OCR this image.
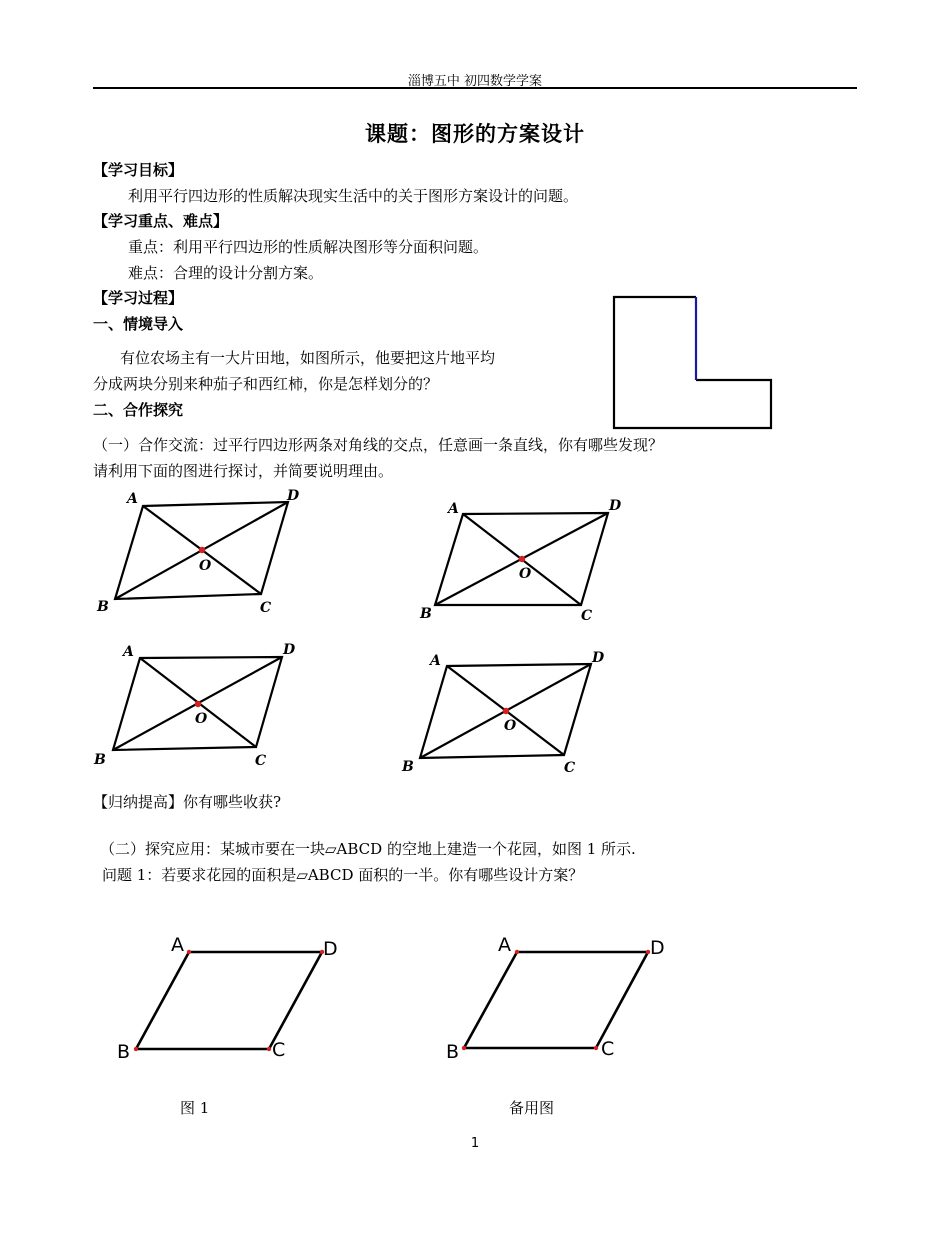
淄博五中 初四数学学案
课题：图形的方案设计
【学习目标】
利用平行四边形的性质解决现实生活中的关于图形方案设计的问题。
【学习重点、难点】
重点：利用平行四边形的性质解决图形等分面积问题。
难点：合理的设计分割方案。
【学习过程】
一、情境导入
有位农场主有一大片田地，如图所示，他要把这片地平均
分成两块分别来种茄子和西红柿，你是怎样划分的？
二、合作探究
（一）合作交流：过平行四边形两条对角线的交点，任意画一条直线，你有哪些发现？
请利用下面的图进行探讨，并简要说明理由。
A	D
B	C
O
A	D
B	C
O
A	D
B	C
O
A	D
B	C
O
【归纳提高】你有哪些收获?
（二）探究应用：某城市要在一块▱ABCD 的空地上建造一个花园，如图 1 所示.
问题 1：若要求花园的面积是▱ABCD 面积的一半。你有哪些设计方案？
A	D
B	C
A	D
B	C
图 1	备用图
1
